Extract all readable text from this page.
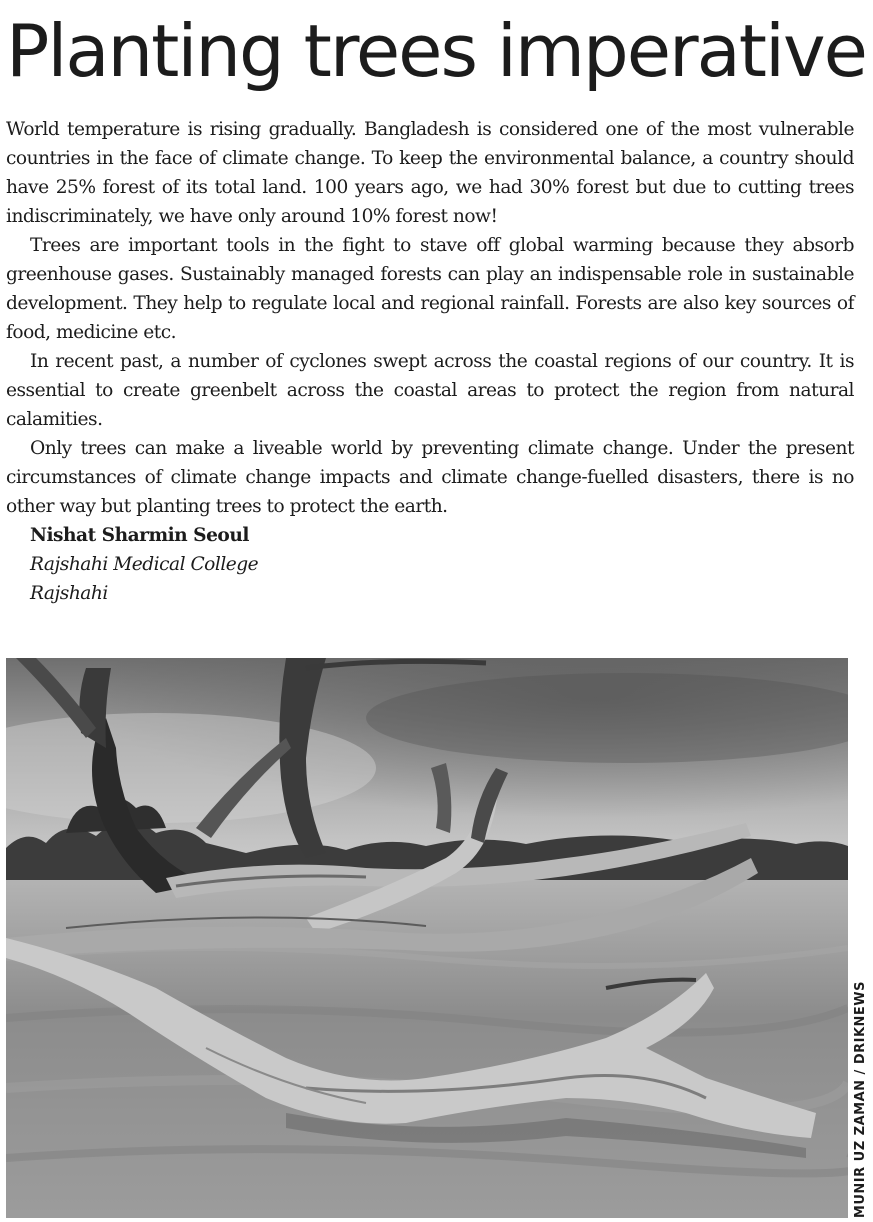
Planting trees imperative

World temperature is rising gradually. Bangladesh is considered one of the most vulnerable countries in the face of climate change. To keep the environmental balance, a country should have 25% forest of its total land. 100 years ago, we had 30% forest but due to cutting trees indiscriminately, we have only around 10% forest now!

Trees are important tools in the fight to stave off global warming because they absorb greenhouse gases. Sustainably managed forests can play an indispensable role in sustainable development. They help to regulate local and regional rainfall. Forests are also key sources of food, medicine etc.

In recent past, a number of cyclones swept across the coastal regions of our country. It is essential to create greenbelt across the coastal areas to protect the region from natural calamities.

Only trees can make a liveable world by preventing climate change. Under the present circumstances of climate change impacts and climate change-fuelled disasters, there is no other way but planting trees to protect the earth.

Nishat Sharmin Seoul

Rajshahi Medical College

Rajshahi

MUNIR UZ ZAMAN / DRIKNEWS
